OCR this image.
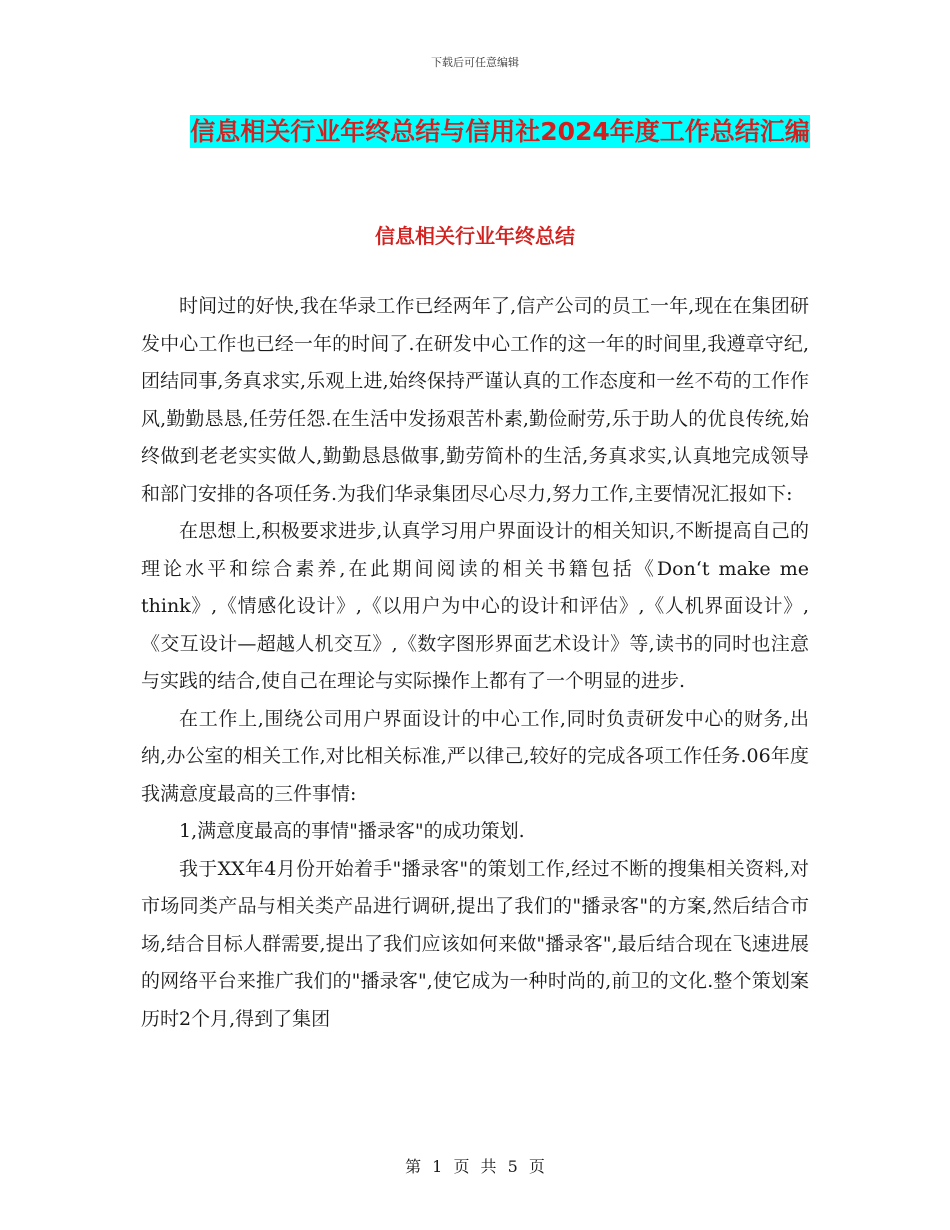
下载后可任意编辑
信息相关行业年终总结与信用社2024年度工作总结汇编
信息相关行业年终总结

时间过的好快,我在华录工作已经两年了,信产公司的员工一年,现在在集团研发中心工作也已经一年的时间了.在研发中心工作的这一年的时间里,我遵章守纪,团结同事,务真求实,乐观上进,始终保持严谨认真的工作态度和一丝不苟的工作作风,勤勤恳恳,任劳任怨.在生活中发扬艰苦朴素,勤俭耐劳,乐于助人的优良传统,始终做到老老实实做人,勤勤恳恳做事,勤劳简朴的生活,务真求实,认真地完成领导和部门安排的各项任务.为我们华录集团尽心尽力,努力工作,主要情况汇报如下:

在思想上,积极要求进步,认真学习用户界面设计的相关知识,不断提高自己的理论水平和综合素养,在此期间阅读的相关书籍包括《Don‘t make me think》,《情感化设计》,《以用户为中心的设计和评估》,《人机界面设计》,《交互设计—超越人机交互》,《数字图形界面艺术设计》等,读书的同时也注意与实践的结合,使自己在理论与实际操作上都有了一个明显的进步.

在工作上,围绕公司用户界面设计的中心工作,同时负责研发中心的财务,出纳,办公室的相关工作,对比相关标准,严以律己,较好的完成各项工作任务.06年度我满意度最高的三件事情:

1,满意度最高的事情"播录客"的成功策划.

我于XX年4月份开始着手"播录客"的策划工作,经过不断的搜集相关资料,对市场同类产品与相关类产品进行调研,提出了我们的"播录客"的方案,然后结合市场,结合目标人群需要,提出了我们应该如何来做"播录客",最后结合现在飞速进展的网络平台来推广我们的"播录客",使它成为一种时尚的,前卫的文化.整个策划案历时2个月,得到了集团

第 1 页 共 5 页
